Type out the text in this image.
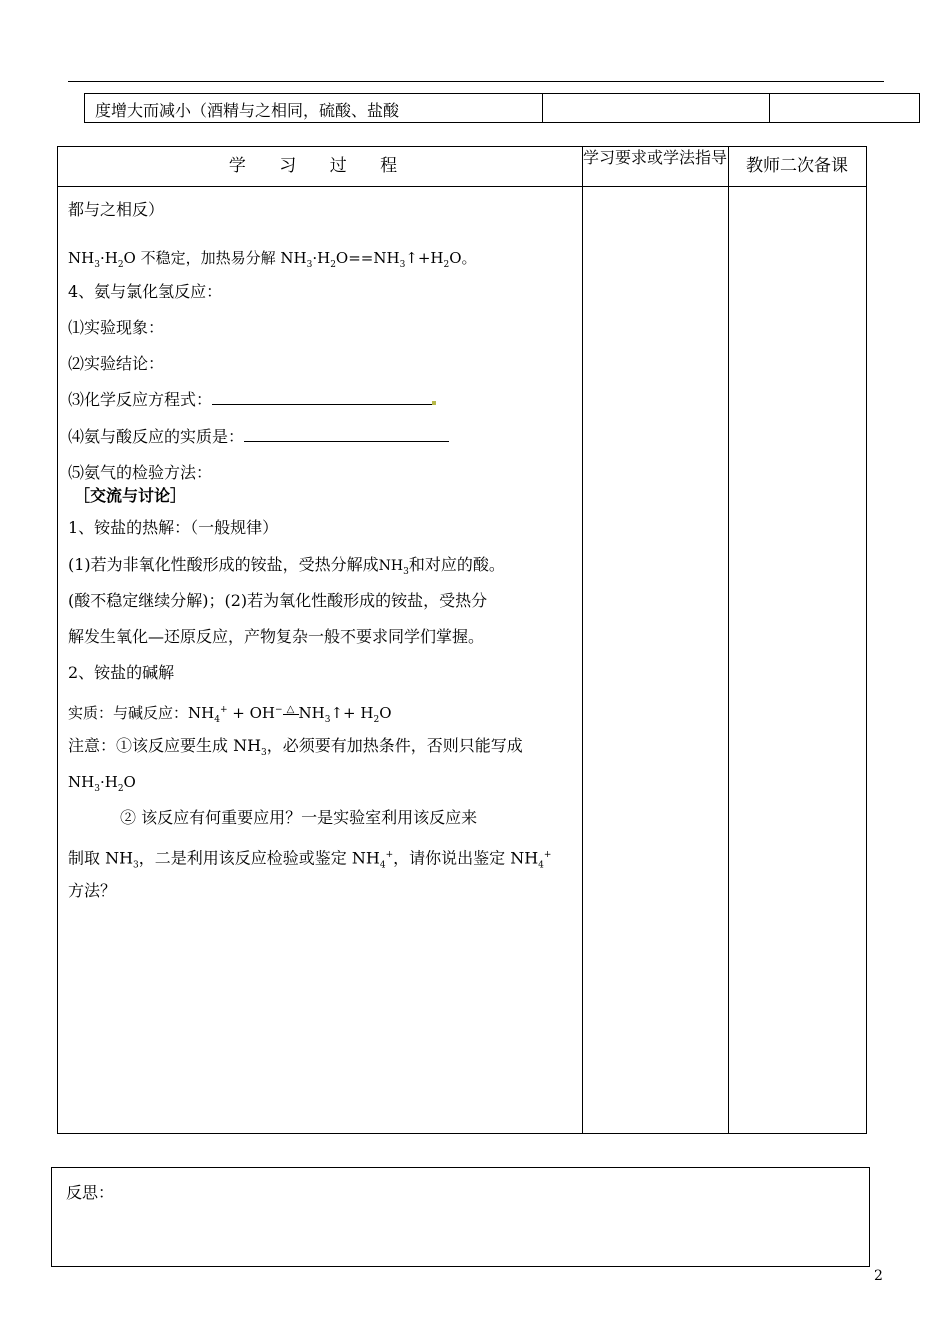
度增大而减小（酒精与之相同，硫酸、盐酸
学 习 过 程	学习要求或学法指导	教师二次备课
都与之相反）
$NH_3\cdot H_2O$ 不稳定，加热易分解 $NH_3\cdot H_2O==NH_3↑+H_2O$。
4、氨与氯化氢反应：
⑴实验现象：
⑵实验结论：
⑶化学反应方程式：
⑷氨与酸反应的实质是：
⑸氨气的检验方法：
［交流与讨论］
1、铵盐的热解：（一般规律）
(1)若为非氧化性酸形成的铵盐，受热分解成$NH_3$和对应的酸。
(酸不稳定继续分解)；(2)若为氧化性酸形成的铵盐，受热分
解发生氧化—还原反应，产物复杂一般不要求同学们掌握。
2、铵盐的碱解
实质：与碱反应：$NH_4^+ + OH^-$ △ $NH_3↑+ H_2O$
注意：①该反应要生成 $NH_3$，必须要有加热条件，否则只能写成
$NH_3\cdot H_2O$
② 该反应有何重要应用？一是实验室利用该反应来
制取 $NH_3$，二是利用该反应检验或鉴定 $NH_4^+$，请你说出鉴定 $NH_4^+$
方法？
反思：
2
